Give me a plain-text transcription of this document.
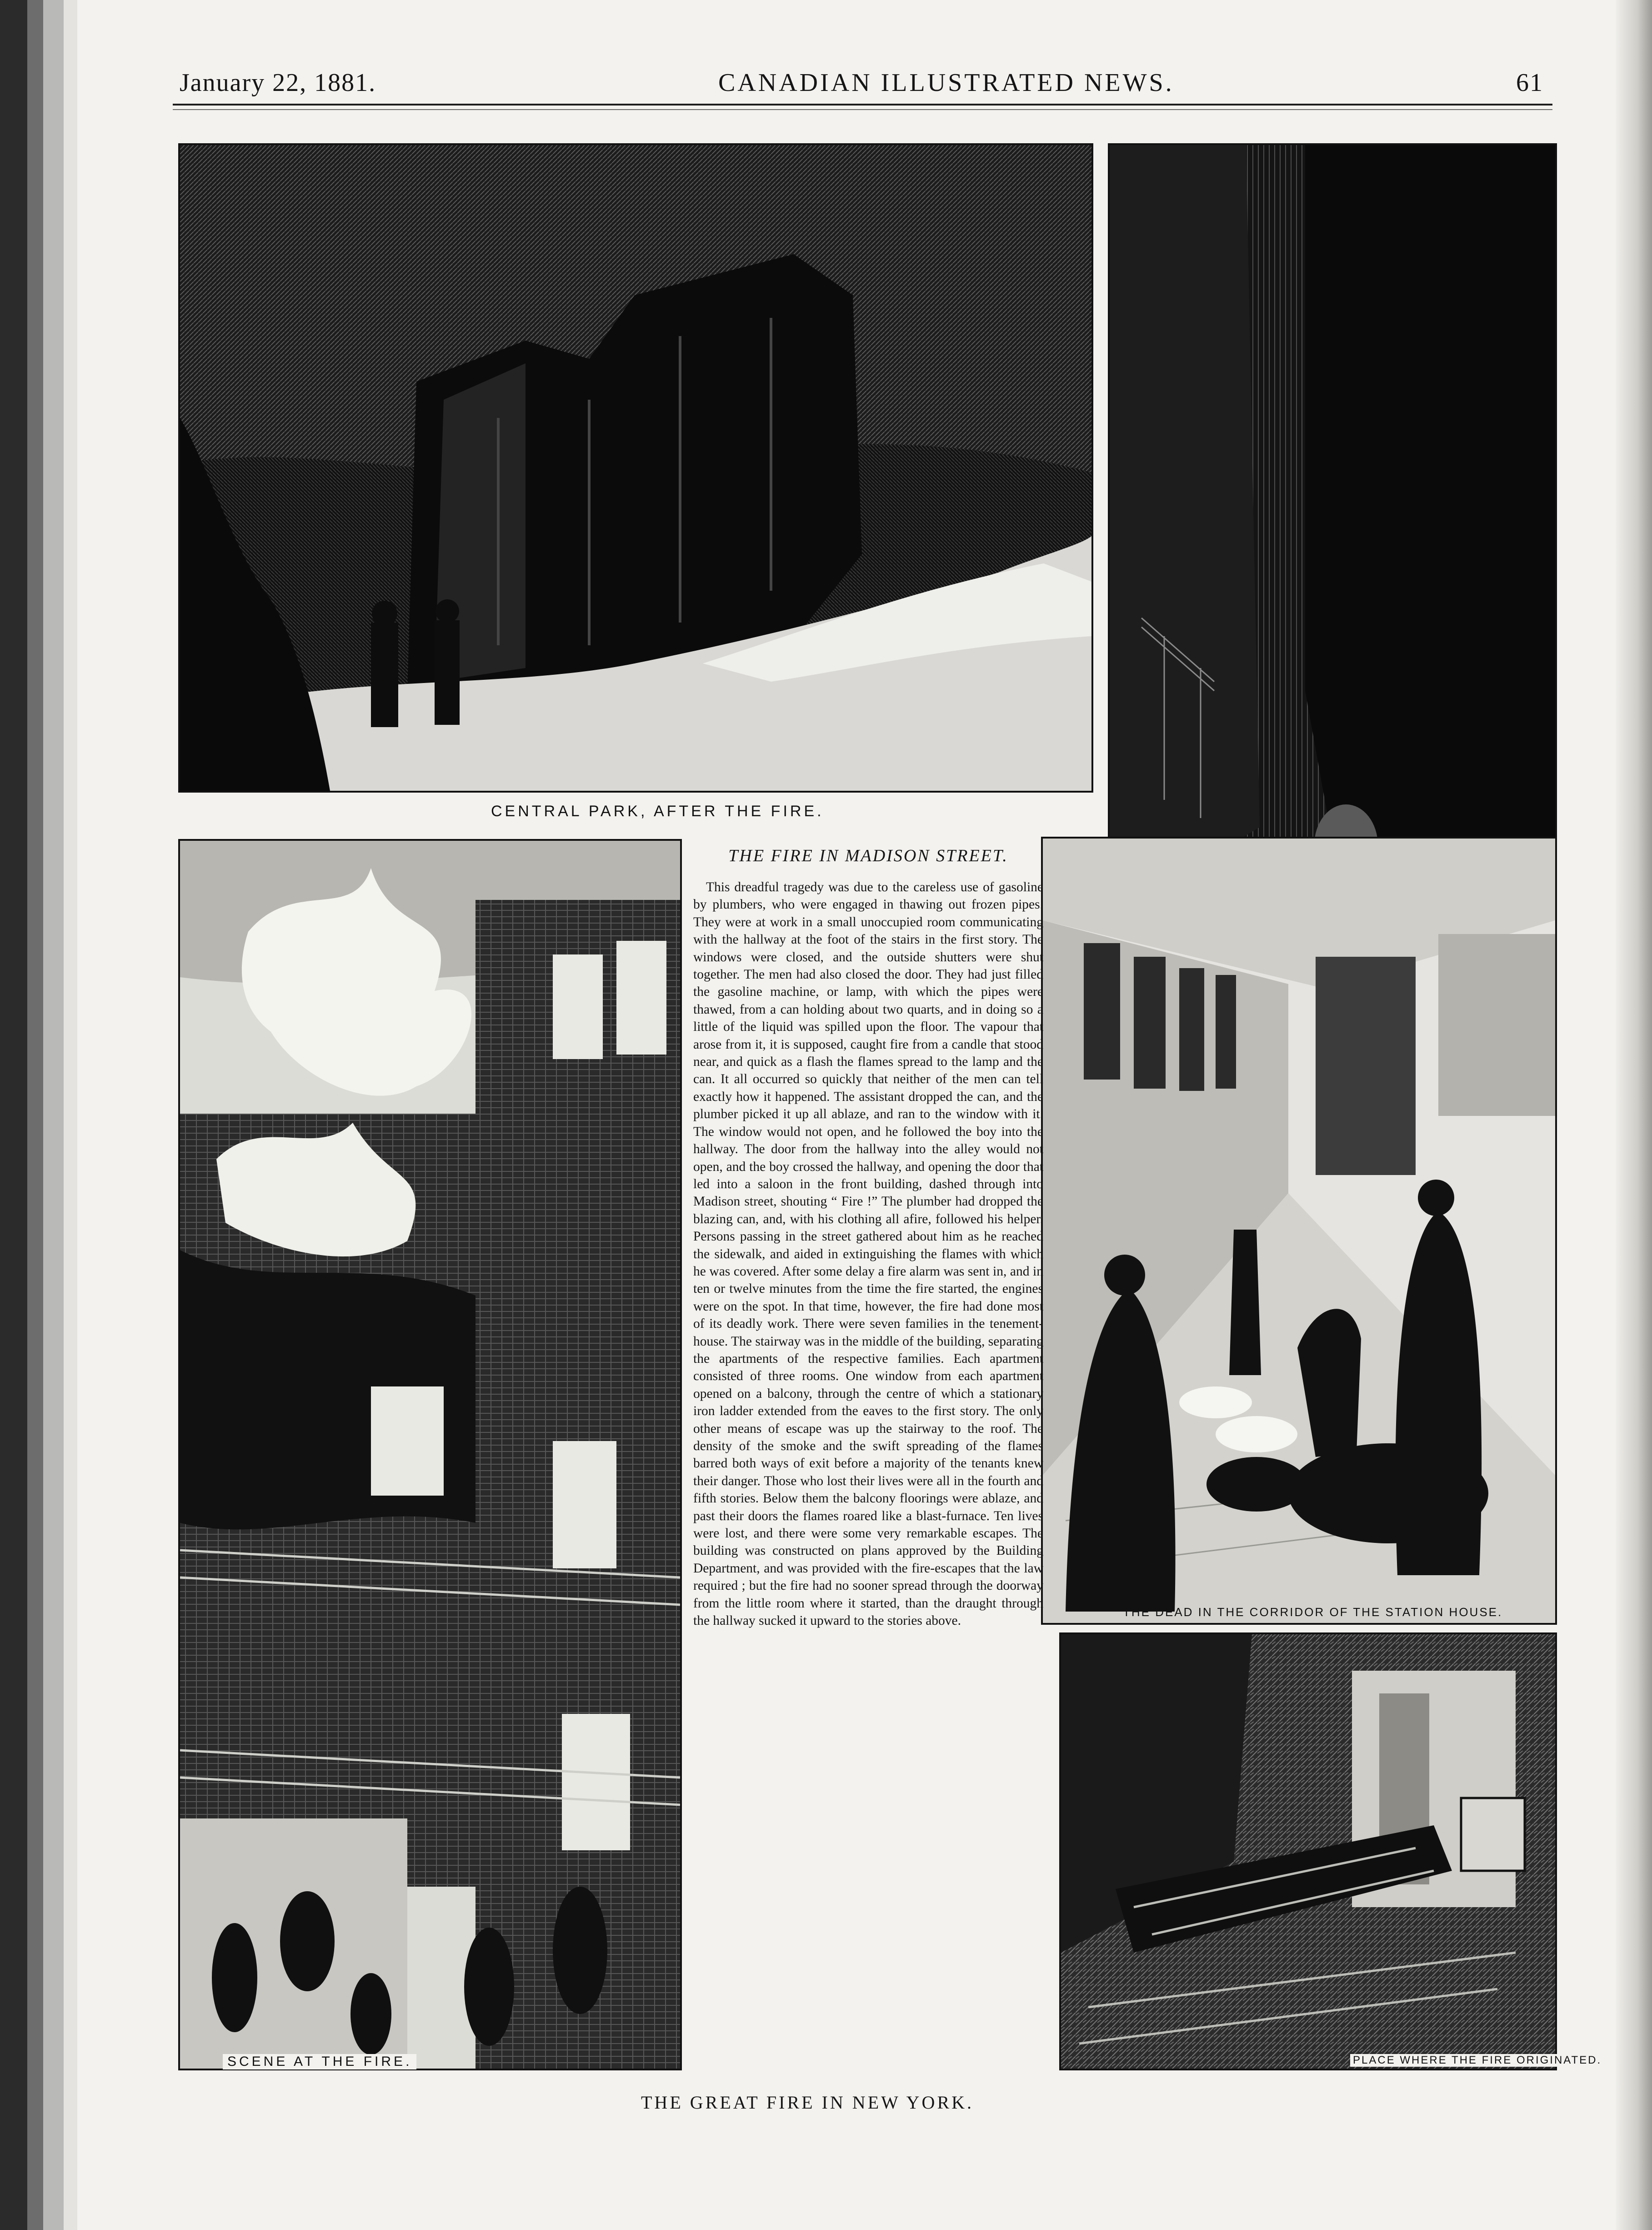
January 22, 1881.	CANADIAN ILLUSTRATED NEWS.	61
CENTRAL PARK, AFTER THE FIRE.
SCENE AT THE FIRE.
THE DEAD IN THE CORRIDOR OF THE STATION HOUSE.
PLACE WHERE THE FIRE ORIGINATED.
THE FIRE IN MADISON STREET.

This dreadful tragedy was due to the careless use of gasoline by plumbers, who were engaged in thawing out frozen pipes. They were at work in a small unoccupied room communicating with the hallway at the foot of the stairs in the first story. The windows were closed, and the outside shutters were shut together. The men had also closed the door. They had just filled the gasoline machine, or lamp, with which the pipes were thawed, from a can holding about two quarts, and in doing so a little of the liquid was spilled upon the floor. The vapour that arose from it, it is supposed, caught fire from a candle that stood near, and quick as a flash the flames spread to the lamp and the can. It all occurred so quickly that neither of the men can tell exactly how it happened. The assistant dropped the can, and the plumber picked it up all ablaze, and ran to the window with it. The window would not open, and he followed the boy into the hallway. The door from the hallway into the alley would not open, and the boy crossed the hallway, and opening the door that led into a saloon in the front building, dashed through into Madison street, shouting “ Fire !” The plumber had dropped the blazing can, and, with his clothing all afire, followed his helper. Persons passing in the street gathered about him as he reached the sidewalk, and aided in extinguishing the flames with which he was covered. After some delay a fire alarm was sent in, and in ten or twelve minutes from the time the fire started, the engines were on the spot. In that time, however, the fire had done most of its deadly work. There were seven families in the tenement-house. The stairway was in the middle of the building, separating the apartments of the respective families. Each apartment consisted of three rooms. One window from each apartment opened on a balcony, through the centre of which a stationary iron ladder extended from the eaves to the first story. The only other means of escape was up the stairway to the roof. The density of the smoke and the swift spreading of the flames barred both ways of exit before a majority of the tenants knew their danger. Those who lost their lives were all in the fourth and fifth stories. Below them the balcony floorings were ablaze, and past their doors the flames roared like a blast-furnace. Ten lives were lost, and there were some very remarkable escapes. The building was constructed on plans approved by the Building Department, and was provided with the fire-escapes that the law required ; but the fire had no sooner spread through the doorway from the little room where it started, than the draught through the hallway sucked it upward to the stories above.

THE GREAT FIRE IN NEW YORK.
